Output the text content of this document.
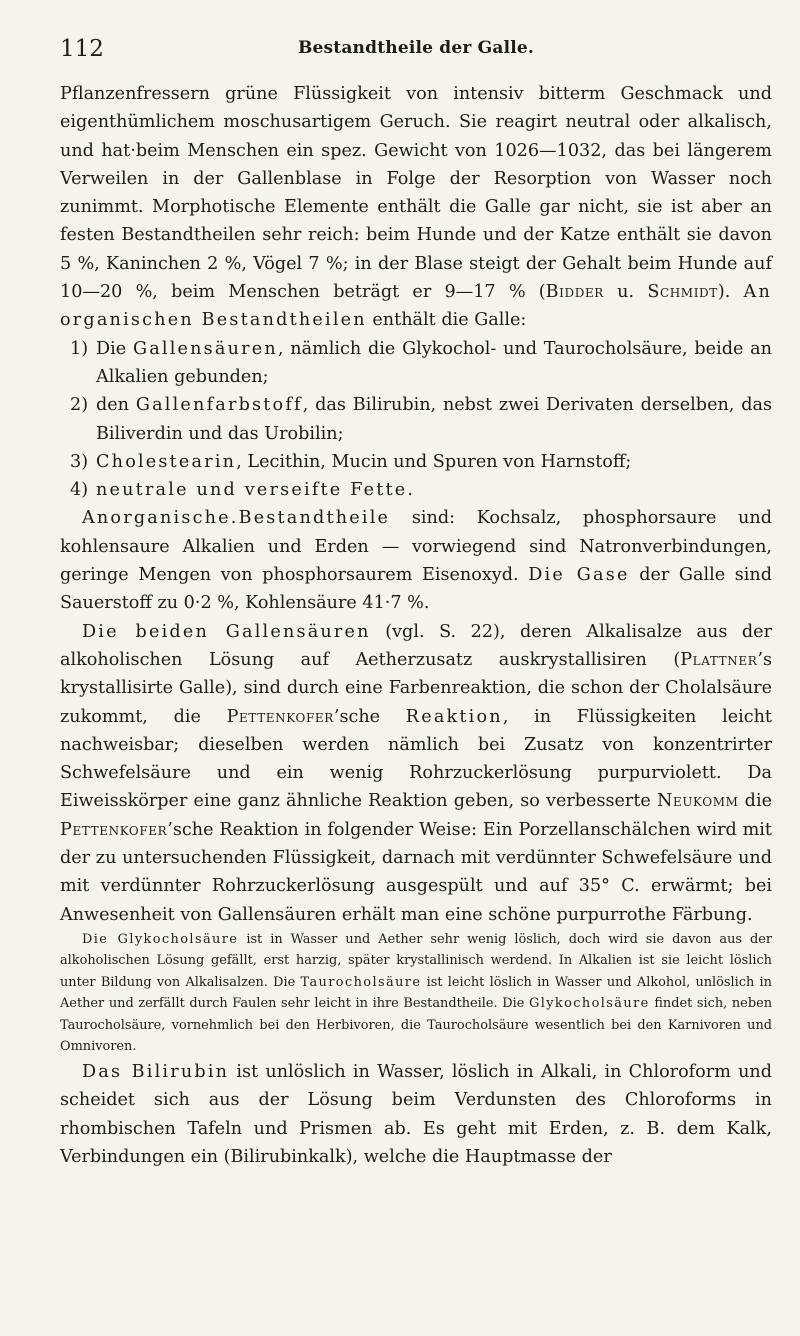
112	Bestandtheile der Galle.

Pflanzenfressern grüne Flüssigkeit von intensiv bitterm Geschmack und eigenthümlichem moschusartigem Geruch. Sie reagirt neutral oder alkalisch, und hat·beim Menschen ein spez. Gewicht von 1026—1032, das bei längerem Verweilen in der Gallenblase in Folge der Resorption von Wasser noch zunimmt. Morphotische Elemente enthält die Galle gar nicht, sie ist aber an festen Bestandtheilen sehr reich: beim Hunde und der Katze enthält sie davon 5 %, Kaninchen 2 %, Vögel 7 %; in der Blase steigt der Gehalt beim Hunde auf 10—20 %, beim Menschen beträgt er 9—17 % (Bidder u. Schmidt). An organischen Bestandtheilen enthält die Galle:

1) Die Gallensäuren, nämlich die Glykochol- und Taurocholsäure, beide an Alkalien gebunden;
2) den Gallenfarbstoff, das Bilirubin, nebst zwei Derivaten derselben, das Biliverdin und das Urobilin;
3) Cholestearin, Lecithin, Mucin und Spuren von Harnstoff;
4) neutrale und verseifte Fette.

Anorganische.Bestandtheile sind: Kochsalz, phosphorsaure und kohlensaure Alkalien und Erden — vorwiegend sind Natronverbindungen, geringe Mengen von phosphorsaurem Eisenoxyd. Die Gase der Galle sind Sauerstoff zu 0·2 %, Kohlensäure 41·7 %.

Die beiden Gallensäuren (vgl. S. 22), deren Alkalisalze aus der alkoholischen Lösung auf Aetherzusatz auskrystallisiren (Plattner’s krystallisirte Galle), sind durch eine Farbenreaktion, die schon der Cholalsäure zukommt, die Pettenkofer’sche Reaktion, in Flüssigkeiten leicht nachweisbar; dieselben werden nämlich bei Zusatz von konzentrirter Schwefelsäure und ein wenig Rohrzuckerlösung purpurviolett. Da Eiweisskörper eine ganz ähnliche Reaktion geben, so verbesserte Neukomm die Pettenkofer’sche Reaktion in folgender Weise: Ein Porzellanschälchen wird mit der zu untersuchenden Flüssigkeit, darnach mit verdünnter Schwefelsäure und mit verdünnter Rohrzuckerlösung ausgespült und auf 35° C. erwärmt; bei Anwesenheit von Gallensäuren erhält man eine schöne purpurrothe Färbung.

Die Glykocholsäure ist in Wasser und Aether sehr wenig löslich, doch wird sie davon aus der alkoholischen Lösung gefällt, erst harzig, später krystallinisch werdend. In Alkalien ist sie leicht löslich unter Bildung von Alkalisalzen. Die Taurocholsäure ist leicht löslich in Wasser und Alkohol, unlöslich in Aether und zerfällt durch Faulen sehr leicht in ihre Bestandtheile. Die Glykocholsäure findet sich, neben Taurocholsäure, vornehmlich bei den Herbivoren, die Taurocholsäure wesentlich bei den Karnivoren und Omnivoren.

Das Bilirubin ist unlöslich in Wasser, löslich in Alkali, in Chloroform und scheidet sich aus der Lösung beim Verdunsten des Chloroforms in rhombischen Tafeln und Prismen ab. Es geht mit Erden, z. B. dem Kalk, Verbindungen ein (Bilirubinkalk), welche die Hauptmasse der
